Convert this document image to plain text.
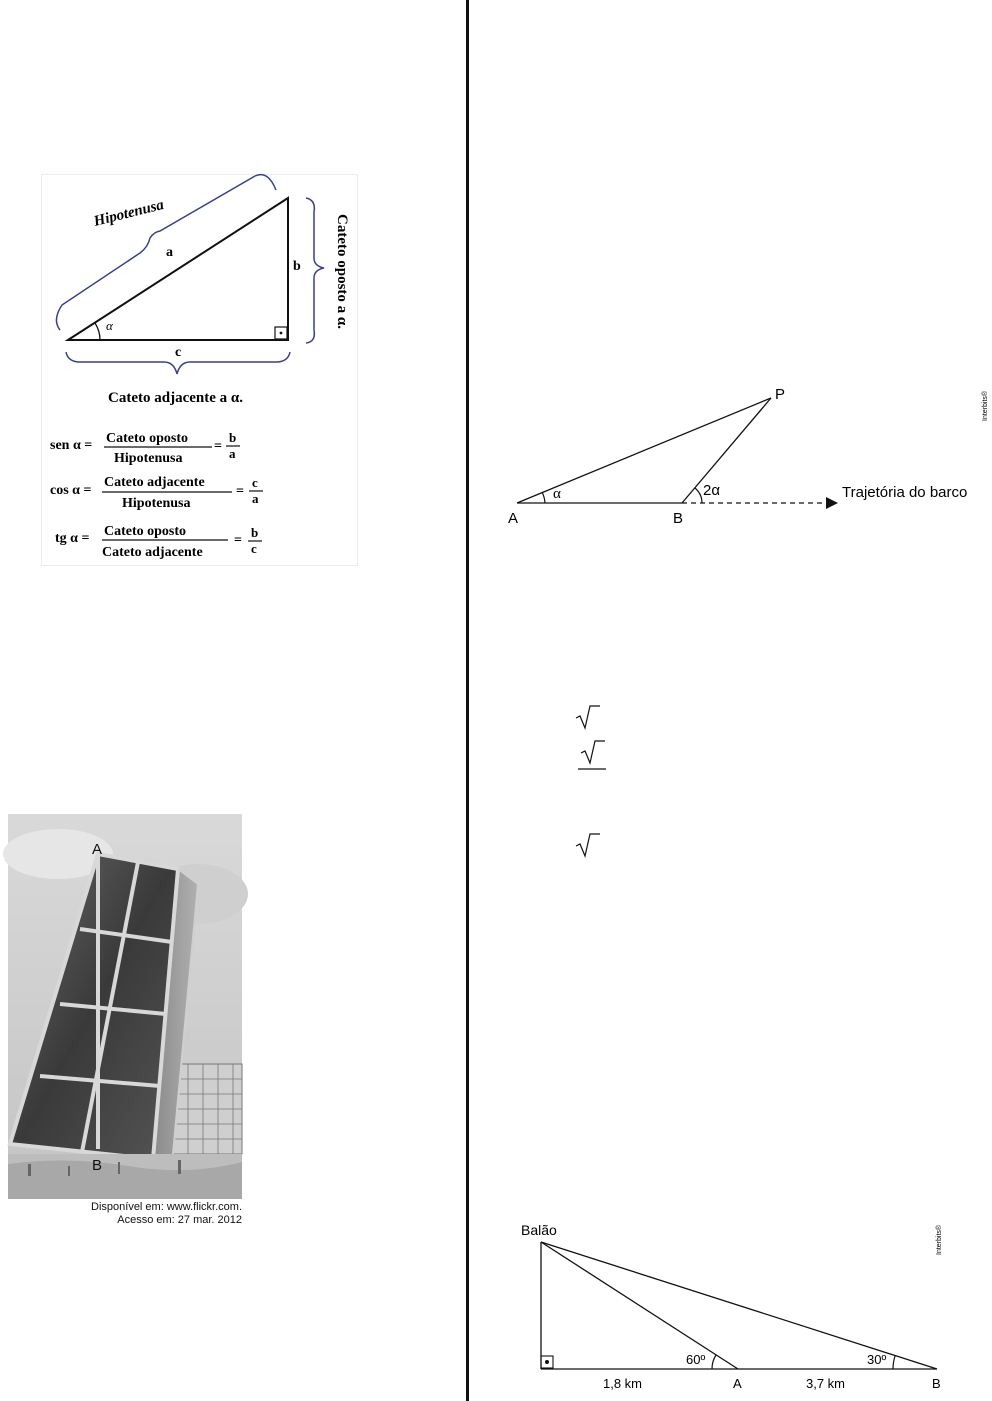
Hipotenusa
a
b
c
α	Cateto oposto a α.
Cateto adjacente a α.
sen α = Cateto oposto
Hipotenusa
=
b
a
cos α =
Cateto adjacente
Hipotenusa
=
c
a
tg α = Cateto oposto
Cateto adjacente
=
b
c
A
B
Disponível em: www.flickr.com.
Acesso em: 27 mar. 2012
A	B
P
α	2α	Trajetória do barco
Interbits®
Balão
60º	30º
1,8 km	A	3,7 km	B
Interbits®
